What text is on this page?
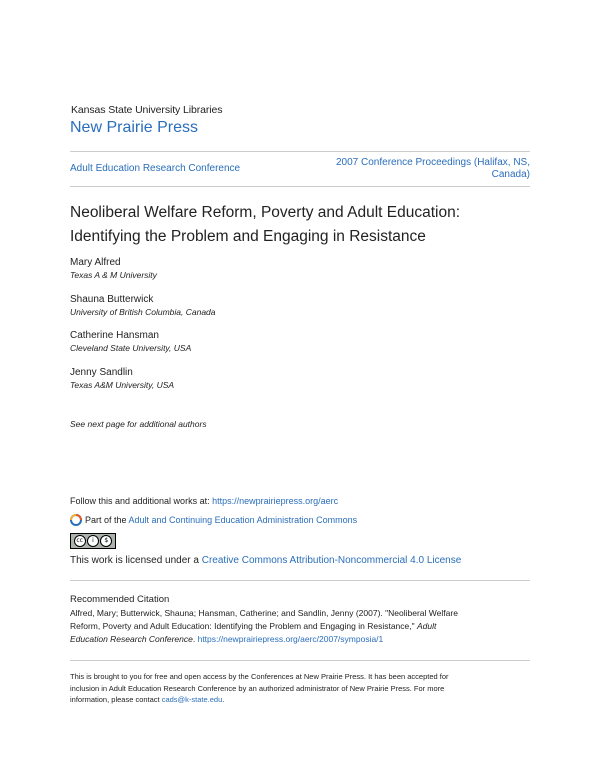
Kansas State University Libraries
New Prairie Press
Adult Education Research Conference
2007 Conference Proceedings (Halifax, NS,
Canada)
Neoliberal Welfare Reform, Poverty and Adult Education:
Identifying the Problem and Engaging in Resistance
Mary Alfred
Texas A & M University
Shauna Butterwick
University of British Columbia, Canada
Catherine Hansman
Cleveland State University, USA
Jenny Sandlin
Texas A&M University, USA
See next page for additional authors
Follow this and additional works at: https://newprairiepress.org/aerc
Part of the Adult and Continuing Education Administration Commons
cc	i	$
This work is licensed under a Creative Commons Attribution-Noncommercial 4.0 License
Recommended Citation
Alfred, Mary; Butterwick, Shauna; Hansman, Catherine; and Sandlin, Jenny (2007). "Neoliberal Welfare
Reform, Poverty and Adult Education: Identifying the Problem and Engaging in Resistance," Adult
Education Research Conference. https://newprairiepress.org/aerc/2007/symposia/1
This is brought to you for free and open access by the Conferences at New Prairie Press. It has been accepted for
inclusion in Adult Education Research Conference by an authorized administrator of New Prairie Press. For more
information, please contact cads@k-state.edu.
